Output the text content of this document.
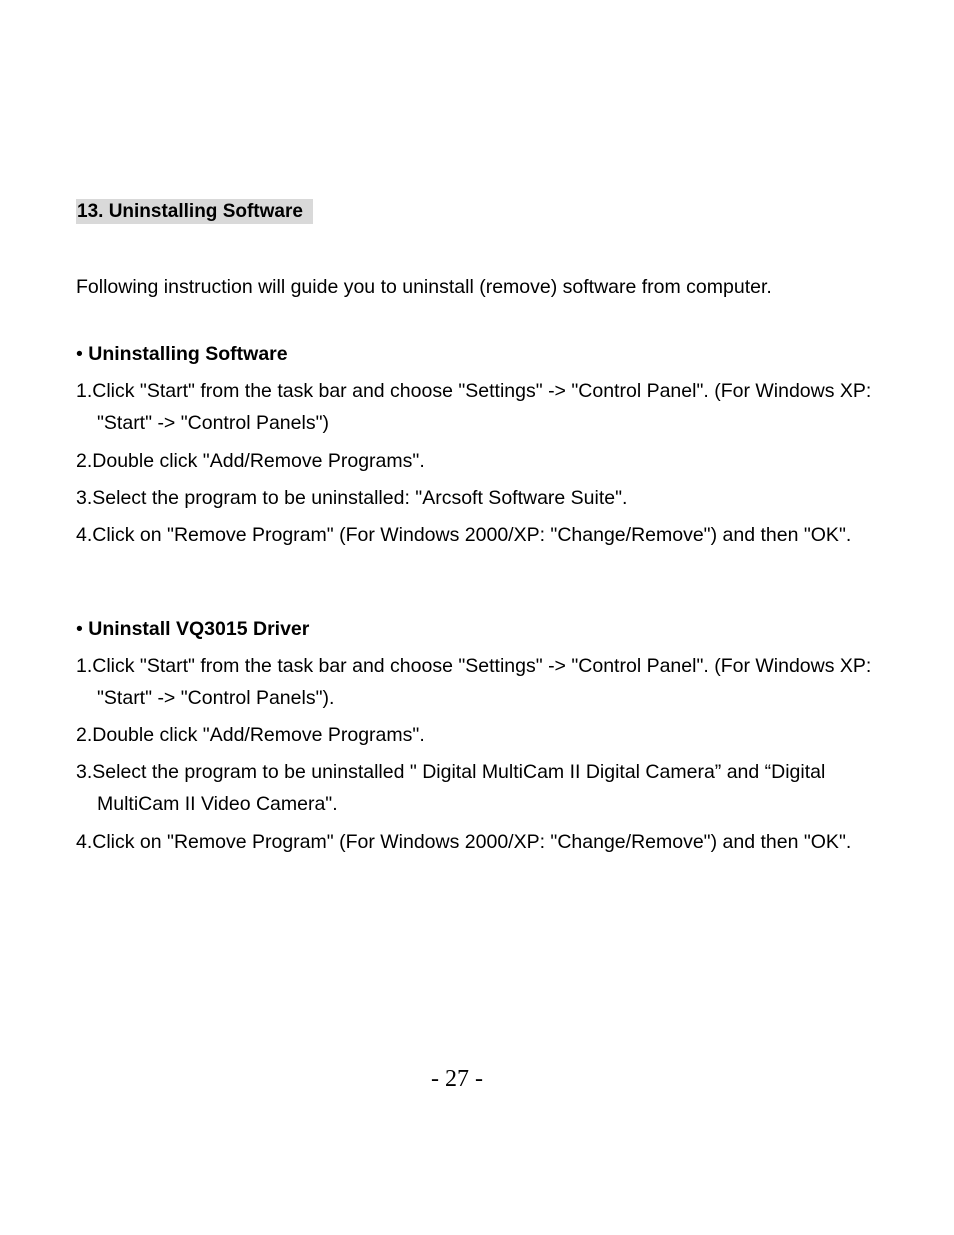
13. Uninstalling Software
Following instruction will guide you to uninstall (remove) software from computer.
• Uninstalling Software
1.Click "Start" from the task bar and choose "Settings" -> "Control Panel". (For Windows XP:
"Start" -> "Control Panels")
2.Double click "Add/Remove Programs".
3.Select the program to be uninstalled: "Arcsoft Software Suite".
4.Click on "Remove Program" (For Windows 2000/XP: "Change/Remove") and then "OK".
• Uninstall VQ3015 Driver
1.Click "Start" from the task bar and choose "Settings" -> "Control Panel". (For Windows XP:
"Start" -> "Control Panels").
2.Double click "Add/Remove Programs".
3.Select the program to be uninstalled " Digital MultiCam II Digital Camera” and “Digital
MultiCam II Video Camera".
4.Click on "Remove Program" (For Windows 2000/XP: "Change/Remove") and then "OK".
- 27 -
